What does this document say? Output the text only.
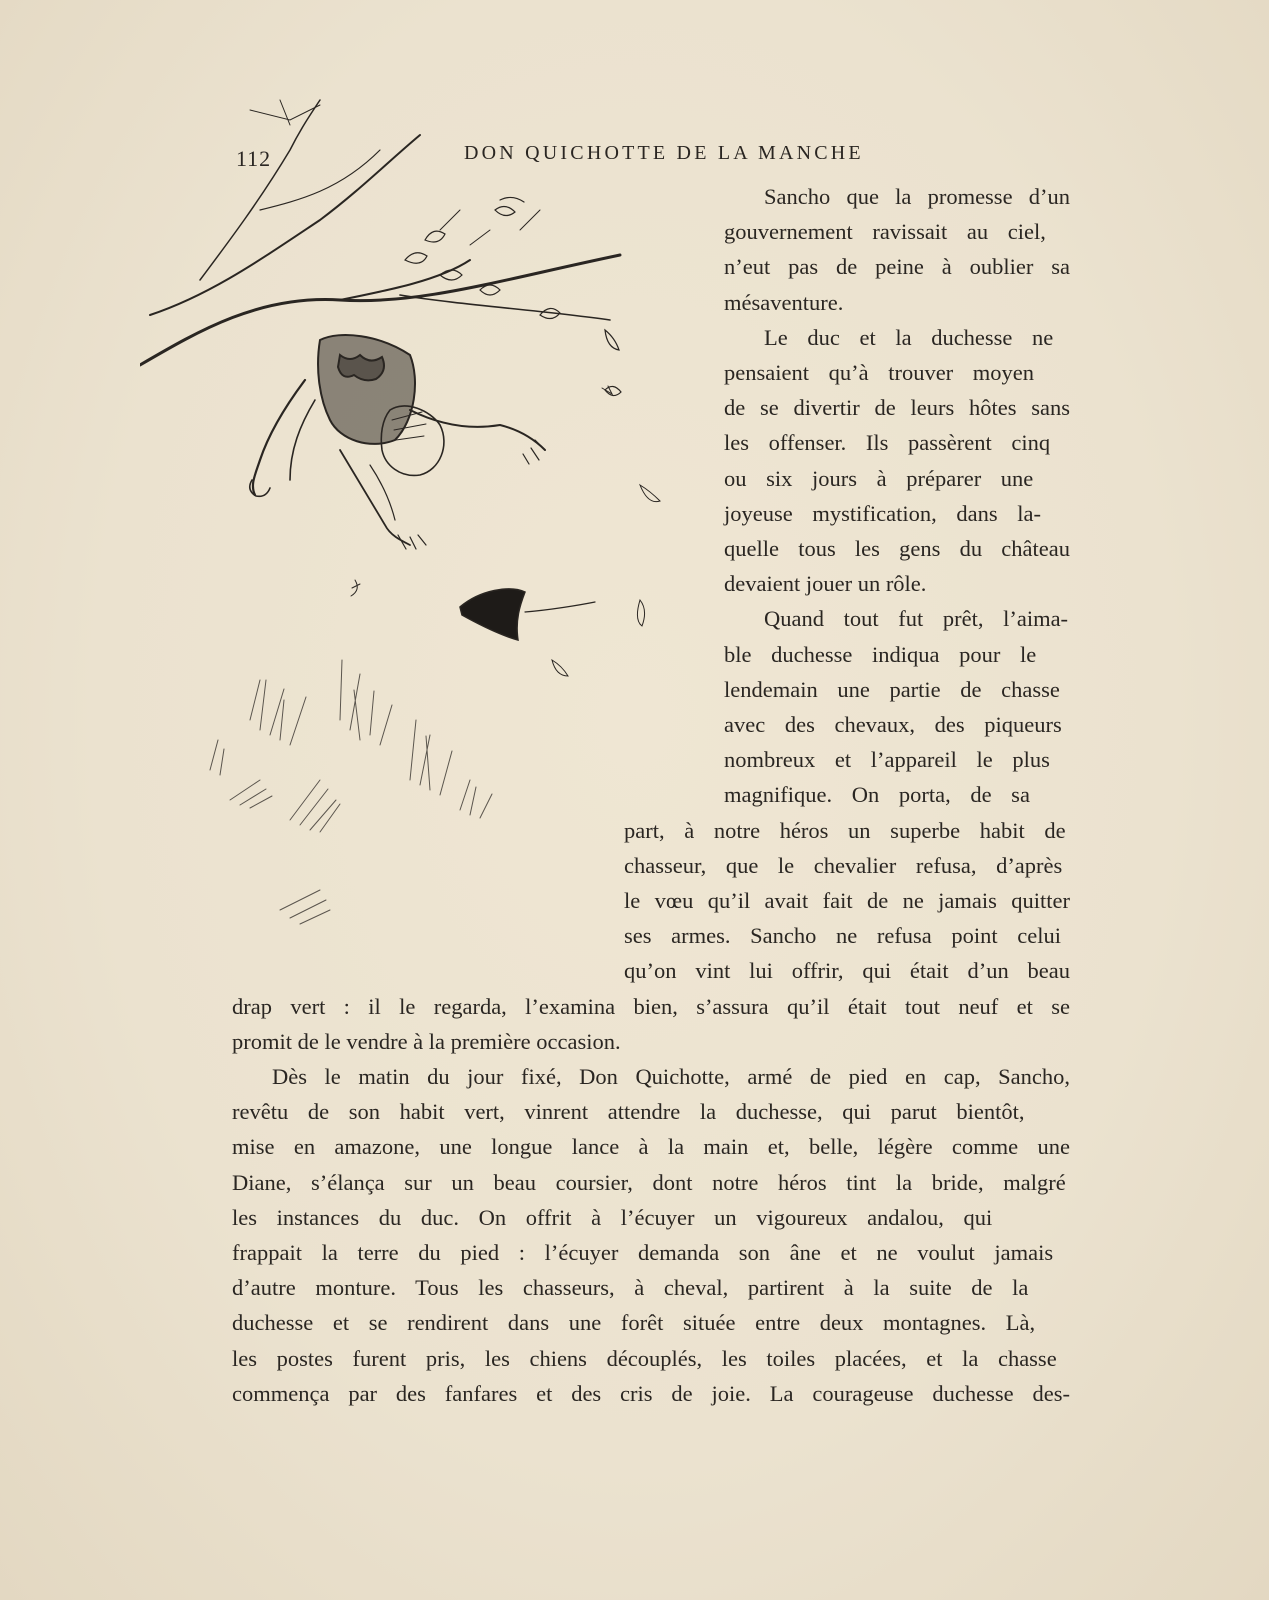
112	DON QUICHOTTE DE LA MANCHE
Sancho que la promesse d’un
gouvernement ravissait au ciel,
n’eut pas de peine à oublier sa
mésaventure.
Le duc et la duchesse ne
pensaient qu’à trouver moyen
de se divertir de leurs hôtes sans
les offenser. Ils passèrent cinq
ou six jours à préparer une
joyeuse mystification, dans la-
quelle tous les gens du château
devaient jouer un rôle.
Quand tout fut prêt, l’aima-
ble duchesse indiqua pour le
lendemain une partie de chasse
avec des chevaux, des piqueurs
nombreux et l’appareil le plus
magnifique. On porta, de sa
part, à notre héros un superbe habit de
chasseur, que le chevalier refusa, d’après
le vœu qu’il avait fait de ne jamais quitter
ses armes. Sancho ne refusa point celui
qu’on vint lui offrir, qui était d’un beau
drap vert : il le regarda, l’examina bien, s’assura qu’il était tout neuf et se
promit de le vendre à la première occasion.
Dès le matin du jour fixé, Don Quichotte, armé de pied en cap, Sancho,
revêtu de son habit vert, vinrent attendre la duchesse, qui parut bientôt,
mise en amazone, une longue lance à la main et, belle, légère comme une
Diane, s’élança sur un beau coursier, dont notre héros tint la bride, malgré
les instances du duc. On offrit à l’écuyer un vigoureux andalou, qui
frappait la terre du pied : l’écuyer demanda son âne et ne voulut jamais
d’autre monture. Tous les chasseurs, à cheval, partirent à la suite de la
duchesse et se rendirent dans une forêt située entre deux montagnes. Là,
les postes furent pris, les chiens découplés, les toiles placées, et la chasse
commença par des fanfares et des cris de joie. La courageuse duchesse des-
